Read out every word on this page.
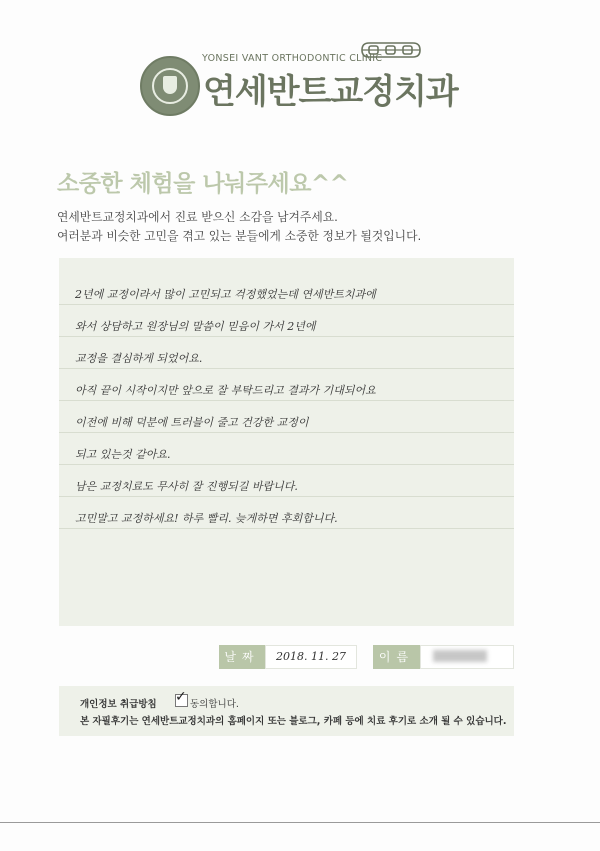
YONSEI VANT ORTHODONTIC CLINIC
연세반트교정치과
소중한 체험을 나눠주세요^^
연세반트교정치과에서 진료 받으신 소감을 남겨주세요.
여러분과 비슷한 고민을 겪고 있는 분들에게 소중한 정보가 될것입니다.
2년에 교정이라서 많이 고민되고 걱정했었는데 연세반트치과에
와서 상담하고 원장님의 말씀이 믿음이 가서 2년에
교정을 결심하게 되었어요.
아직 끝이 시작이지만 앞으로 잘 부탁드리고 결과가 기대되어요
이전에 비해 덕분에 트러블이 줄고 건강한 교정이
되고 있는것 같아요.
남은 교정치료도 무사히 잘 진행되길 바랍니다.
고민말고 교정하세요! 하루 빨리. 늦게하면 후회합니다.
날짜	2018. 11. 27	이름
개인정보 취급방침 ✓ 동의합니다.
본 자필후기는 연세반트교정치과의 홈페이지 또는 블로그, 카페 등에 치료 후기로 소개 될 수 있습니다.
